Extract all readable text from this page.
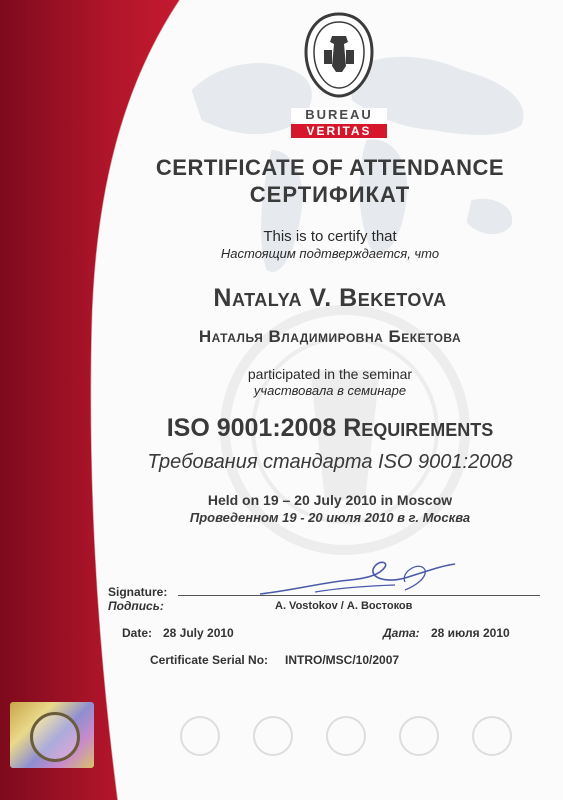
BUREAU
VERITAS
CERTIFICATE OF ATTENDANCE
СЕРТИФИКАТ
This is to certify that
Настоящим подтверждается, что
Natalya V. Beketova
Наталья Владимировна Бекетова
participated in the seminar
участвовала в семинаре
ISO 9001:2008 Requirements
Требования стандарта ISO 9001:2008
Held on 19 – 20 July 2010 in Moscow
Проведенном 19 - 20 июля 2010 в г. Москва
Signature:
Подпись:	A. Vostokov / А. Востоков
Date: 28 July 2010	Дата: 28 июля 2010
Certificate Serial No: INTRO/MSC/10/2007
